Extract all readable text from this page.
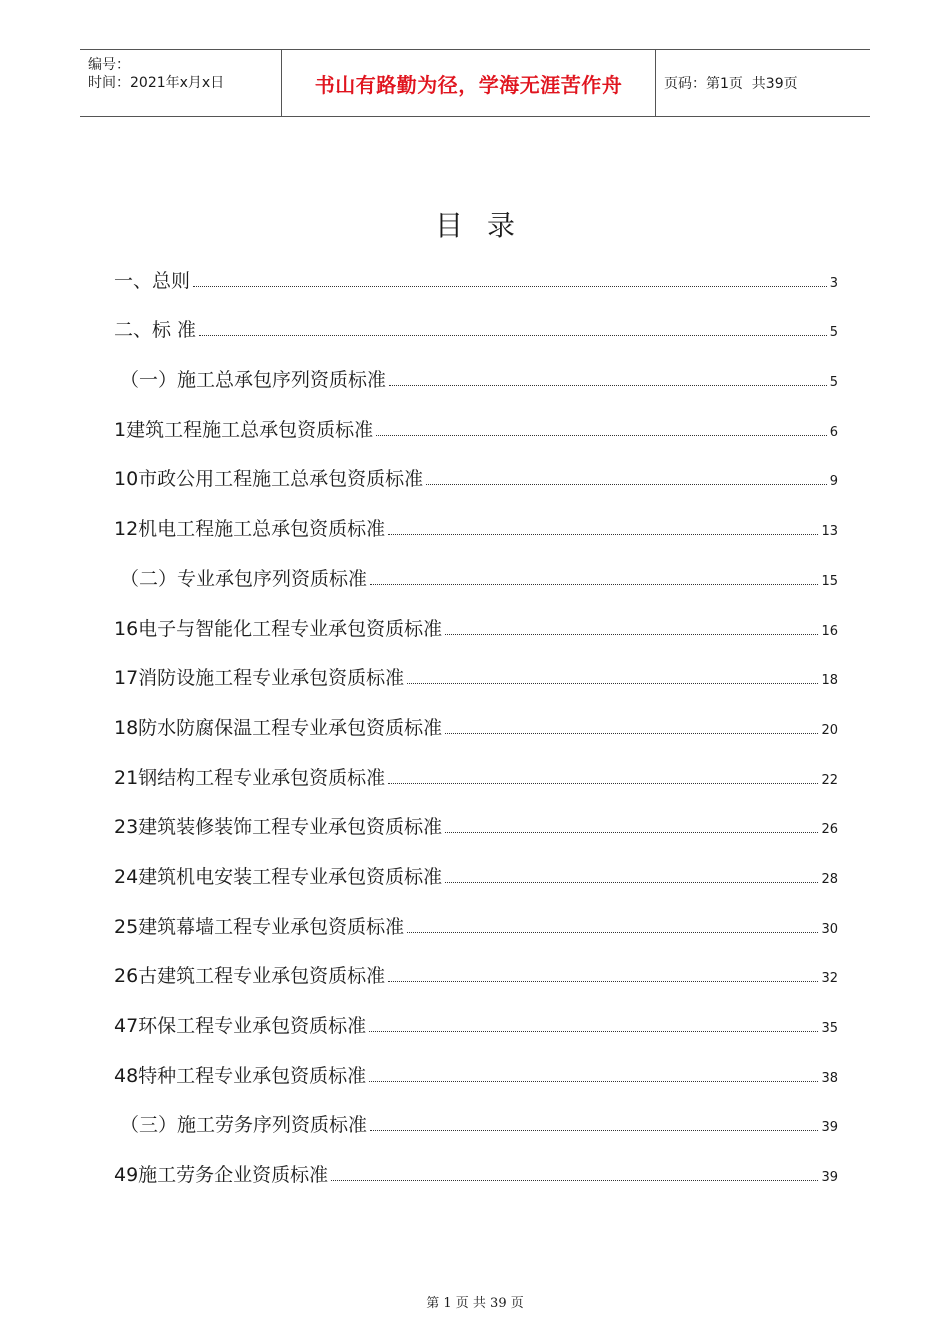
编号：
时间：2021年x月x日	书山有路勤为径，学海无涯苦作舟	页码：第1页  共39页
目录
一、总则	3
二、标 准	5
（一）施工总承包序列资质标准	5
1建筑工程施工总承包资质标准	6
10市政公用工程施工总承包资质标准	9
12机电工程施工总承包资质标准	13
（二）专业承包序列资质标准	15
16电子与智能化工程专业承包资质标准	16
17消防设施工程专业承包资质标准	18
18防水防腐保温工程专业承包资质标准	20
21钢结构工程专业承包资质标准	22
23建筑装修装饰工程专业承包资质标准	26
24建筑机电安装工程专业承包资质标准	28
25建筑幕墙工程专业承包资质标准	30
26古建筑工程专业承包资质标准	32
47环保工程专业承包资质标准	35
48特种工程专业承包资质标准	38
（三）施工劳务序列资质标准	39
49施工劳务企业资质标准	39
第 1 页 共 39 页
